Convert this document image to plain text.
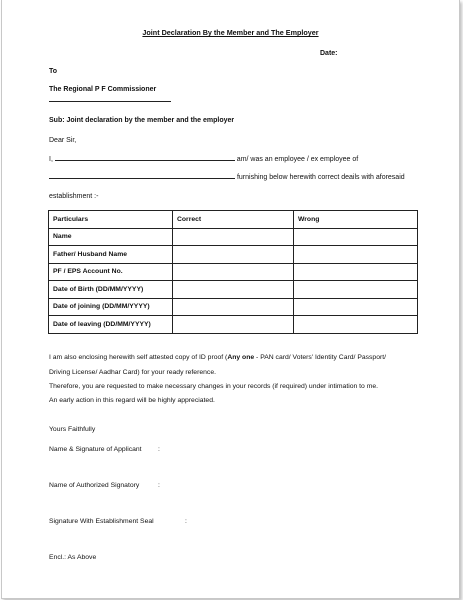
Joint Declaration By the Member and The Employer
Date:
To
The Regional P F Commissioner
Sub: Joint declaration by the member and the employer
Dear Sir,
I,	am/ was an employee / ex employee of
furnishing below herewith correct deails with aforesaid
establishment :-
Particulars	Correct	Wrong
Name		
Father/ Husband Name		
PF / EPS Account No.		
Date of Birth (DD/MM/YYYY)		
Date of joining (DD/MM/YYYY)		
Date of leaving (DD/MM/YYYY)		
I am also enclosing herewith self attested copy of ID proof (Any one - PAN card/ Voters' Identity Card/ Passport/
Driving License/ Aadhar Card) for your ready reference.
Therefore, you are requested to make necessary changes in your records (if required) under intimation to me.
An early action in this regard will be highly appreciated.
Yours Faithfully
Name & Signature of Applicant :
Name of Authorized Signatory	:
Signature With Establishment Seal	:
Encl.: As Above
